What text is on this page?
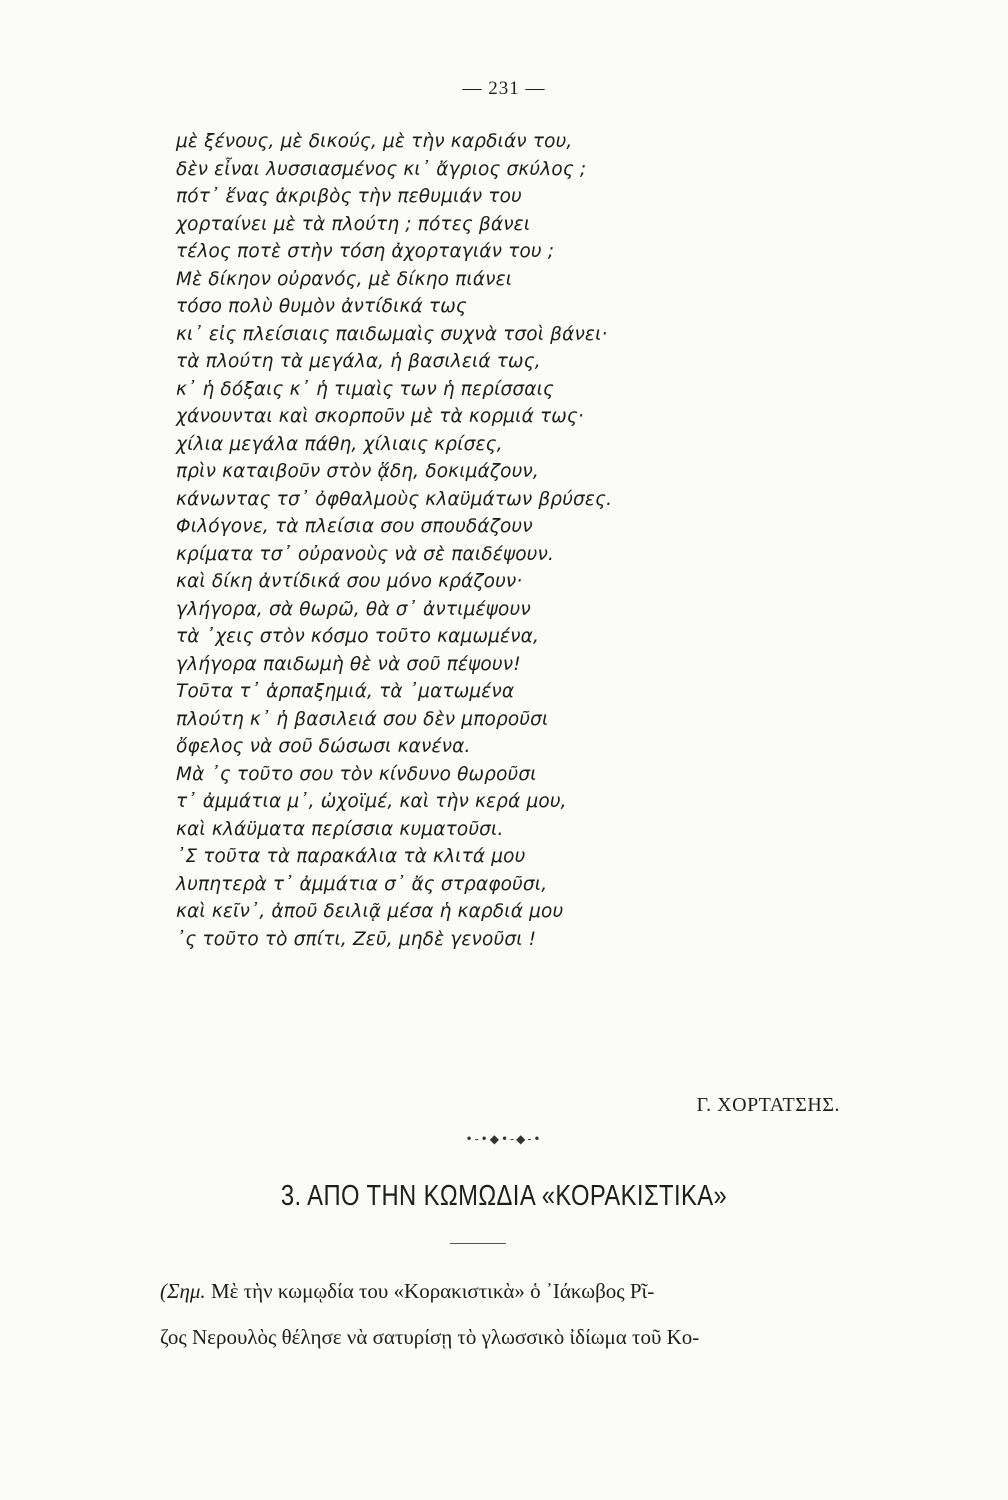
— 231 —
μὲ ξένους, μὲ δικούς, μὲ τὴν καρδιάν του,
δὲν εἶναι λυσσιασμένος κι᾿ ἄγριος σκύλος ;
πότ᾿ ἕνας ἀκριβὸς τὴν πεθυμιάν του
χορταίνει μὲ τὰ πλούτη ; πότες βάνει
τέλος ποτὲ στὴν τόση ἀχορταγιάν του ;
Μὲ δίκηον οὐρανός, μὲ δίκηο πιάνει
τόσο πολὺ θυμὸν ἀντίδικά τως
κι᾿ εἰς πλείσιαις παιδωμαὶς συχνὰ τσοὶ βάνει·
τὰ πλούτη τὰ μεγάλα, ἡ βασιλειά τως,
κ᾿ ἡ δόξαις κ᾿ ἡ τιμαὶς των ἡ περίσσαις
χάνουνται καὶ σκορποῦν μὲ τὰ κορμιά τως·
χίλια μεγάλα πάθη, χίλιαις κρίσες,
πρὶν καταιβοῦν στὸν ᾅδη, δοκιμάζουν,
κάνωντας τσ᾿ ὀφθαλμοὺς κλαϋμάτων βρύσες.
Φιλόγονε, τὰ πλείσια σου σπουδάζουν
κρίματα τσ᾿ οὐρανοὺς νὰ σὲ παιδέψουν.
καὶ δίκη ἀντίδικά σου μόνο κράζουν·
γλήγορα, σὰ θωρῶ, θὰ σ᾿ ἀντιμέψουν
τὰ ᾿χεις στὸν κόσμο τοῦτο καμωμένα,
γλήγορα παιδωμὴ θὲ νὰ σοῦ πέψουν!
Τοῦτα τ᾿ ἁρπαξημιά, τὰ ᾿ματωμένα
πλούτη κ᾿ ἡ βασιλειά σου δὲν μποροῦσι
ὄφελος νὰ σοῦ δώσωσι κανένα.
Μὰ ᾿ς τοῦτο σου τὸν κίνδυνο θωροῦσι
τ᾿ ἀμμάτια μ᾿, ὠχοϊμέ, καὶ τὴν κερά μου,
καὶ κλάϋματα περίσσια κυματοῦσι.
᾿Σ τοῦτα τὰ παρακάλια τὰ κλιτά μου
λυπητερὰ τ᾿ ἀμμάτια σ᾿ ἄς στραφοῦσι,
καὶ κεῖν᾿, ἀποῦ δειλιᾷ μέσα ἡ καρδιά μου
᾿ς τοῦτο τὸ σπίτι, Ζεῦ, μηδὲ γενοῦσι !
Γ. ΧΟΡΤΑΤΣΗΣ.
•-•◆•-◆-•
3. ΑΠΟ ΤΗΝ ΚΩΜΩΔΙΑ «ΚΟΡΑΚΙΣΤΙΚΑ»
(Σημ. Μὲ τὴν κωμῳδία του «Κορακιστικὰ» ὁ ᾿Ιάκωβος Ρῖ-
ζος Νερουλὸς θέλησε νὰ σατυρίσῃ τὸ γλωσσικὸ ἰδίωμα τοῦ Κο-
